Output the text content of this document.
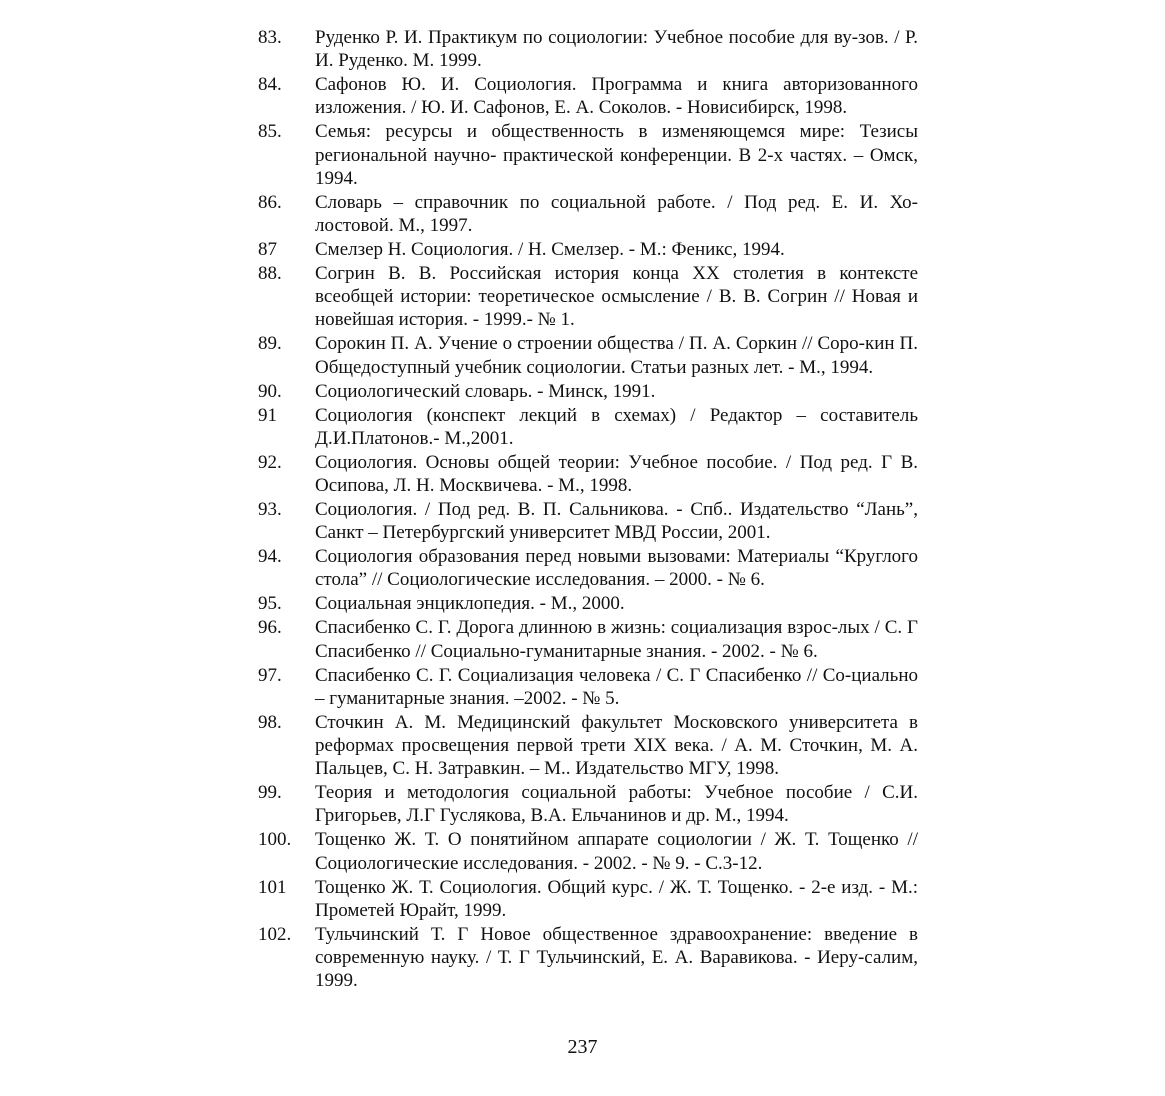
83.	Руденко Р. И. Практикум по социологии: Учебное пособие для ву-зов. / Р. И. Руденко. М. 1999.
84.	Сафонов Ю. И. Социология. Программа и книга авторизованного изложения. / Ю. И. Сафонов, Е. А. Соколов. - Новисибирск, 1998.
85.	Семья: ресурсы и общественность в изменяющемся мире: Тезисы региональной научно- практической конференции. В 2-х частях. – Омск, 1994.
86.	Словарь – справочник по социальной работе. / Под ред. Е. И. Хо-лостовой. М., 1997.
87	Смелзер Н. Социология. / Н. Смелзер. - М.: Феникс, 1994.
88.	Согрин В. В. Российская история конца XX столетия в контексте всеобщей истории: теоретическое осмысление / В. В. Согрин // Новая и новейшая история. - 1999.- № 1.
89.	Сорокин П. А. Учение о строении общества / П. А. Соркин // Соро-кин П. Общедоступный учебник социологии. Статьи разных лет. - М., 1994.
90.	Социологический словарь. - Минск, 1991.
91	Социология (конспект лекций в схемах) / Редактор – составитель Д.И.Платонов.- М.,2001.
92.	Социология. Основы общей теории: Учебное пособие. / Под ред. Г В. Осипова, Л. Н. Москвичева. - М., 1998.
93.	Социология. / Под ред. В. П. Сальникова. - Спб.. Издательство “Лань”, Санкт – Петербургский университет МВД России, 2001.
94.	Социология образования перед новыми вызовами: Материалы “Круглого стола” // Социологические исследования. – 2000. - № 6.
95.	Социальная энциклопедия. - М., 2000.
96.	Спасибенко С. Г. Дорога длинною в жизнь: социализация взрос-лых / С. Г Спасибенко // Социально-гуманитарные знания. - 2002. - № 6.
97.	Спасибенко С. Г. Социализация человека / С. Г Спасибенко // Со-циально – гуманитарные знания. –2002. - № 5.
98.	Сточкин А. М. Медицинский факультет Московского университета в реформах просвещения первой трети XIX века. / А. М. Сточкин, М. А. Пальцев, С. Н. Затравкин. – М.. Издательство МГУ, 1998.
99.	Теория и методология социальной работы: Учебное пособие / С.И. Григорьев, Л.Г Гуслякова, В.А. Ельчанинов и др. М., 1994.
100.	Тощенко Ж. Т. О понятийном аппарате социологии / Ж. Т. Тощенко // Социологические исследования. - 2002. - № 9. - С.3-12.
101	Тощенко Ж. Т. Социология. Общий курс. / Ж. Т. Тощенко. - 2-е изд. - М.: Прометей Юрайт, 1999.
102.	Тульчинский Т. Г Новое общественное здравоохранение: введение в современную науку. / Т. Г Тульчинский, Е. А. Варавикова. - Иеру-салим, 1999.
237
